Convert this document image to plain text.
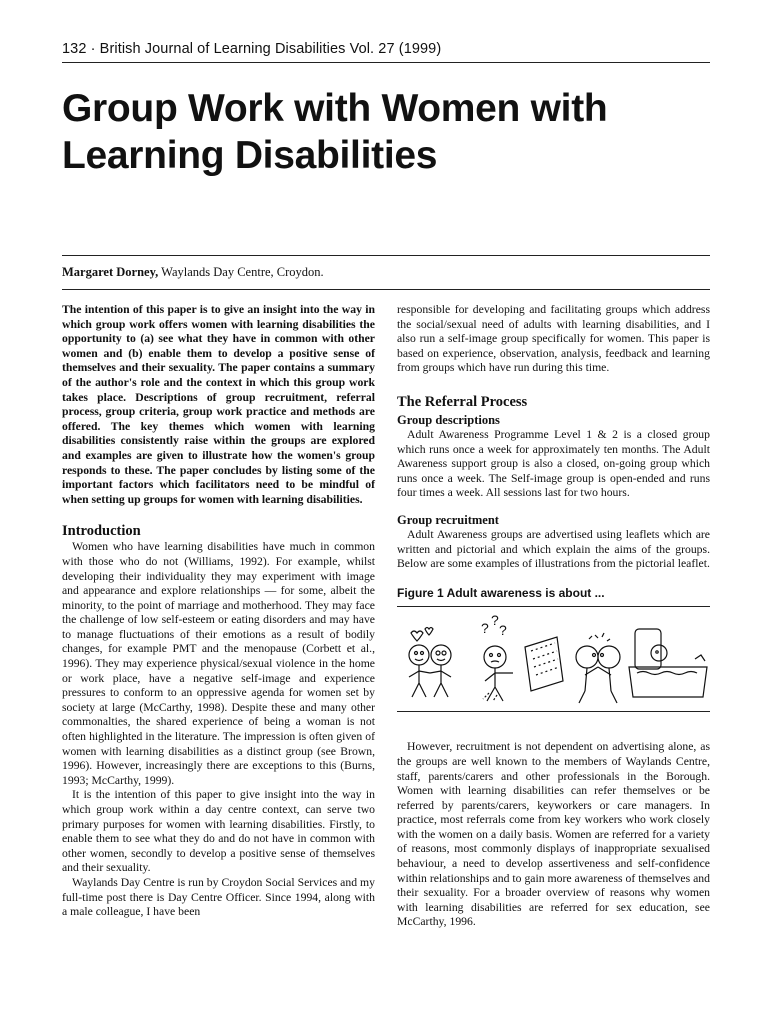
132 · British Journal of Learning Disabilities Vol. 27 (1999)
Group Work with Women with
Learning Disabilities
Margaret Dorney, Waylands Day Centre, Croydon.

The intention of this paper is to give an insight into the way in which group work offers women with learning disabilities the opportunity to (a) see what they have in common with other women and (b) enable them to develop a positive sense of themselves and their sexuality. The paper contains a summary of the author's role and the context in which this group work takes place. Descriptions of group recruitment, referral process, group criteria, group work practice and methods are offered. The key themes which women with learning disabilities consistently raise within the groups are explored and examples are given to illustrate how the women's group responds to these. The paper concludes by listing some of the important factors which facilitators need to be mindful of when setting up groups for women with learning disabilities.

Introduction

Women who have learning disabilities have much in common with those who do not (Williams, 1992). For example, whilst developing their individuality they may experiment with image and appearance and explore relationships — for some, albeit the minority, to the point of marriage and motherhood. They may face the challenge of low self-esteem or eating disorders and may have to manage fluctuations of their emotions as a result of bodily changes, for example PMT and the menopause (Corbett et al., 1996). They may experience physical/sexual violence in the home or work place, have a negative self-image and experience pressures to conform to an oppressive agenda for women set by society at large (McCarthy, 1998). Despite these and many other commonalties, the shared experience of being a woman is not often highlighted in the literature. The impression is often given of women with learning disabilities as a distinct group (see Brown, 1996). However, increasingly there are exceptions to this (Burns, 1993; McCarthy, 1999).

It is the intention of this paper to give insight into the way in which group work within a day centre context, can serve two primary purposes for women with learning disabilities. Firstly, to enable them to see what they do and do not have in common with other women, secondly to develop a positive sense of themselves and their sexuality.

Waylands Day Centre is run by Croydon Social Services and my full-time post there is Day Centre Officer. Since 1994, along with a male colleague, I have been

responsible for developing and facilitating groups which address the social/sexual need of adults with learning disabilities, and I also run a self-image group specifically for women. This paper is based on experience, observation, analysis, feedback and learning from groups which have run during this time.

The Referral Process
Group descriptions

Adult Awareness Programme Level 1 & 2 is a closed group which runs once a week for approximately ten months. The Adult Awareness support group is also a closed, on-going group which runs once a week. The Self-image group is open-ended and runs four times a week. All sessions last for two hours.

Group recruitment

Adult Awareness groups are advertised using leaflets which are written and pictorial and which explain the aims of the groups. Below are some examples of illustrations from the pictorial leaflet.

Figure 1 Adult awareness is about ...

? ?
?

However, recruitment is not dependent on advertising alone, as the groups are well known to the members of Waylands Centre, staff, parents/carers and other professionals in the Borough. Women with learning disabilities can refer themselves or be referred by parents/carers, keyworkers or care managers. In practice, most referrals come from key workers who work closely with the women on a daily basis. Women are referred for a variety of reasons, most commonly displays of inappropriate sexualised behaviour, a need to develop assertiveness and self-confidence within relationships and to gain more awareness of themselves and their sexuality. For a broader overview of reasons why women with learning disabilities are referred for sex education, see McCarthy, 1996.
